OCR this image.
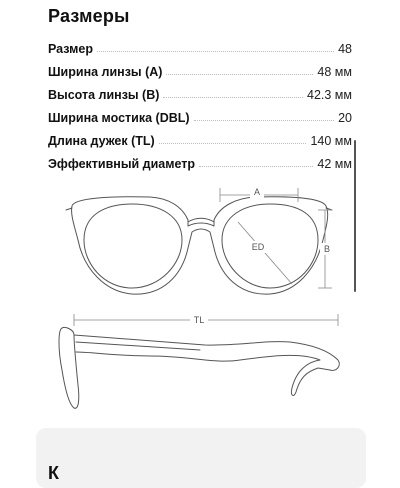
Размеры
Размер	48
Ширина линзы (A)	48 мм
Высота линзы (B)	42.3 мм
Ширина мостика (DBL)	20
Длина дужек (TL)	140 мм
Эффективный диаметр	42 мм
A
B
ED
TL
К
